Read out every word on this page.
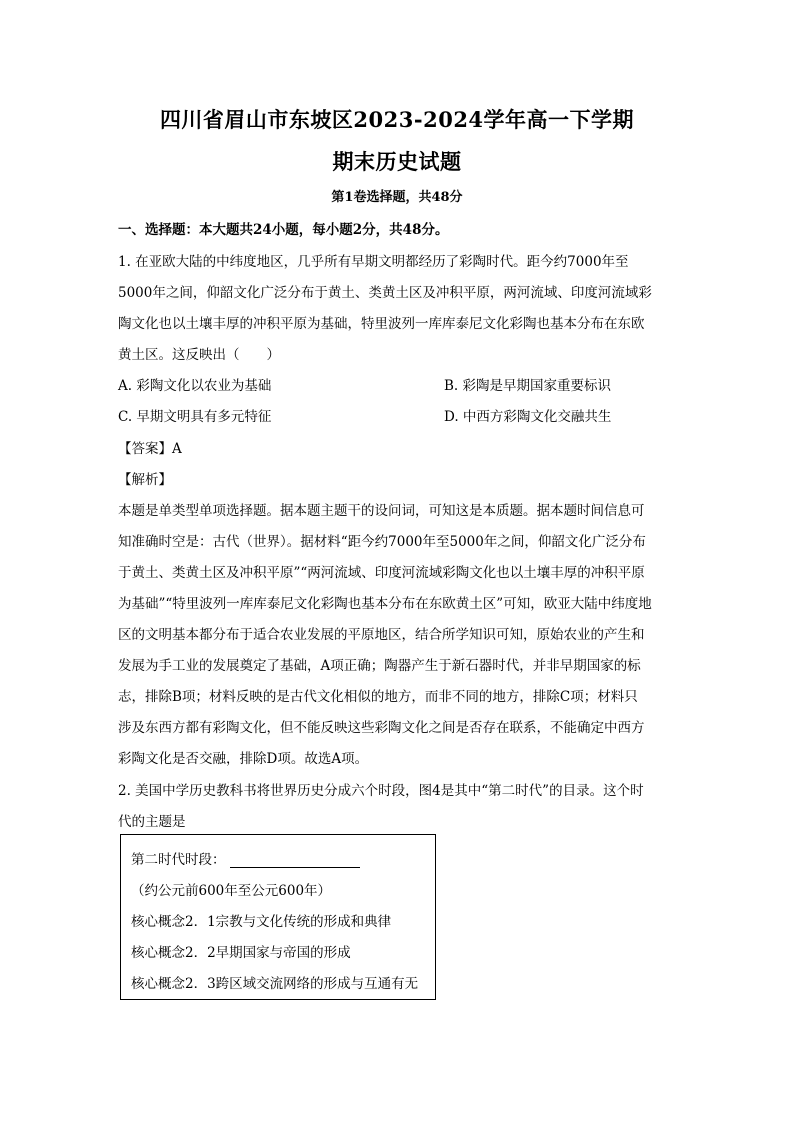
四川省眉山市东坡区2023-2024学年高一下学期
期末历史试题
第1卷选择题，共48分
一、选择题：本大题共24小题，每小题2分，共48分。
1. 在亚欧大陆的中纬度地区，几乎所有早期文明都经历了彩陶时代。距今约7000年至
5000年之间，仰韶文化广泛分布于黄土、类黄土区及冲积平原，两河流域、印度河流域彩
陶文化也以土壤丰厚的冲积平原为基础，特里波列一库库泰尼文化彩陶也基本分布在东欧
黄土区。这反映出（　　）
A. 彩陶文化以农业为基础	B. 彩陶是早期国家重要标识
C. 早期文明具有多元特征	D. 中西方彩陶文化交融共生
【答案】A
【解析】
本题是单类型单项选择题。据本题主题干的设问词，可知这是本质题。据本题时间信息可
知准确时空是：古代（世界）。据材料“距今约7000年至5000年之间，仰韶文化广泛分布
于黄土、类黄土区及冲积平原”“两河流域、印度河流域彩陶文化也以土壤丰厚的冲积平原
为基础”“特里波列一库库泰尼文化彩陶也基本分布在东欧黄土区”可知，欧亚大陆中纬度地
区的文明基本都分布于适合农业发展的平原地区，结合所学知识可知，原始农业的产生和
发展为手工业的发展奠定了基础，A项正确；陶器产生于新石器时代，并非早期国家的标
志，排除B项；材料反映的是古代文化相似的地方，而非不同的地方，排除C项；材料只
涉及东西方都有彩陶文化，但不能反映这些彩陶文化之间是否存在联系，不能确定中西方
彩陶文化是否交融，排除D项。故选A项。
2. 美国中学历史教科书将世界历史分成六个时段，图4是其中“第二时代”的目录。这个时
代的主题是
第二时代时段：
（约公元前600年至公元600年）
核心概念2．1宗教与文化传统的形成和典律
核心概念2．2早期国家与帝国的形成
核心概念2．3跨区域交流网络的形成与互通有无
